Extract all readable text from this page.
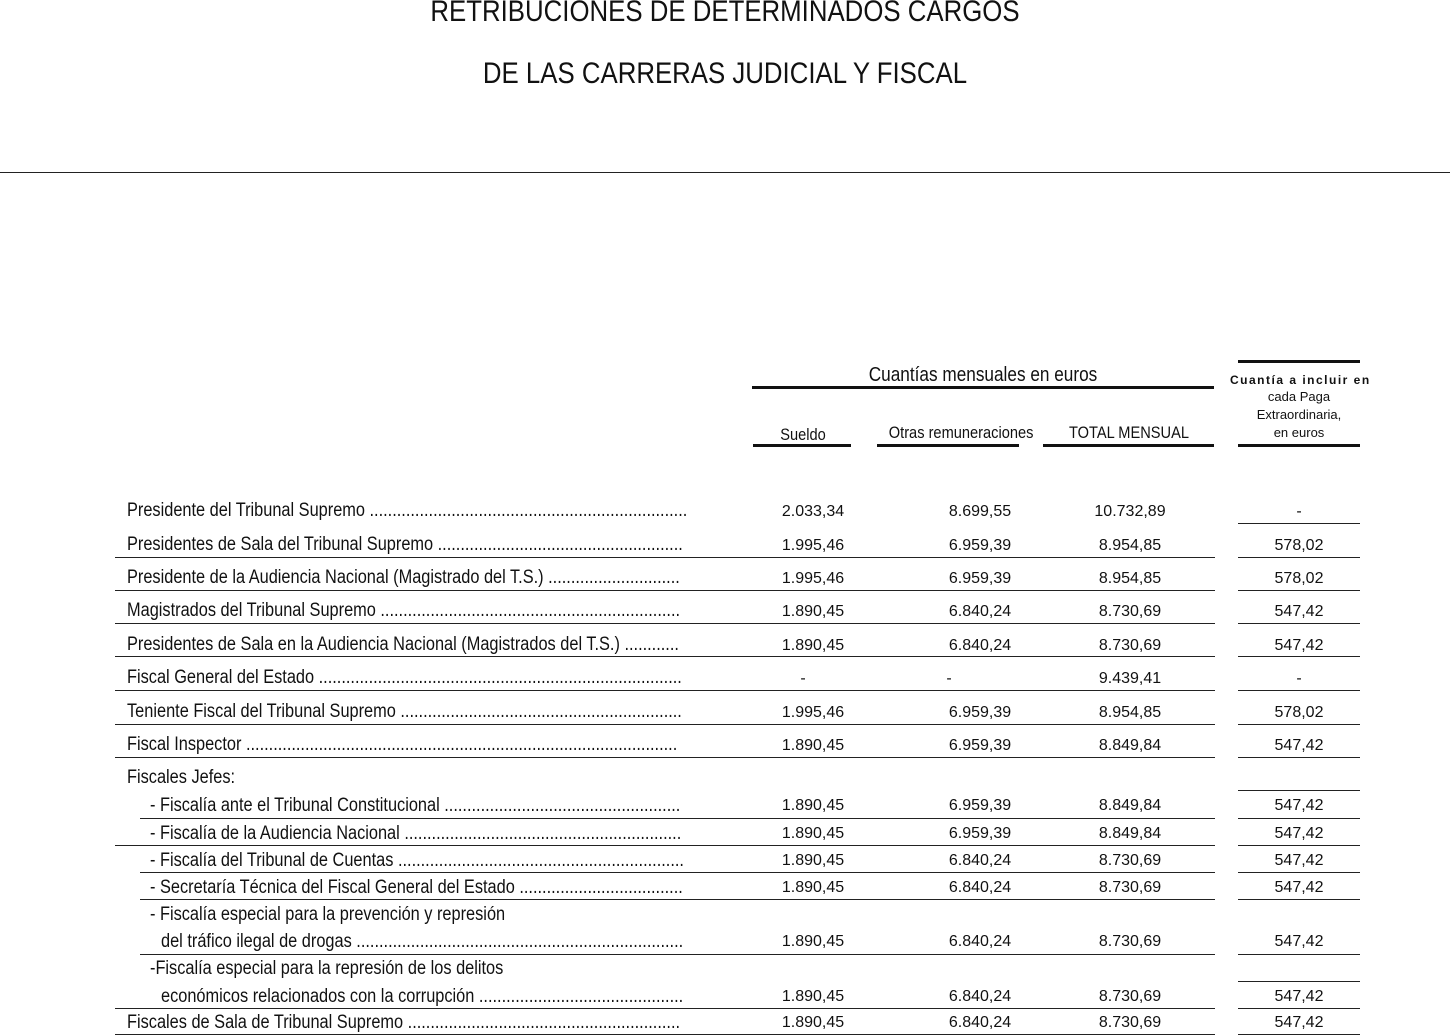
RETRIBUCIONES DE DETERMINADOS CARGOS
DE LAS CARRERAS JUDICIAL Y FISCAL
Cuantías mensuales en euros
Sueldo	Otras remuneraciones	TOTAL MENSUAL
Cuantía a incluir en
cada Paga
Extraordinaria,
en euros
Presidente del Tribunal Supremo ......................................................................	2.033,34	8.699,55	10.732,89	-
Presidentes de Sala del Tribunal Supremo ......................................................	1.995,46	6.959,39	8.954,85	578,02
Presidente de la Audiencia Nacional (Magistrado del T.S.) .............................	1.995,46	6.959,39	8.954,85	578,02
Magistrados del Tribunal Supremo ..................................................................	1.890,45	6.840,24	8.730,69	547,42
Presidentes de Sala en la Audiencia Nacional (Magistrados del T.S.) ............	1.890,45	6.840,24	8.730,69	547,42
Fiscal General del Estado ................................................................................	-	-	9.439,41	-
Teniente Fiscal del Tribunal Supremo ..............................................................	1.995,46	6.959,39	8.954,85	578,02
Fiscal Inspector ...............................................................................................	1.890,45	6.959,39	8.849,84	547,42
Fiscales Jefes:
- Fiscalía ante el Tribunal Constitucional ....................................................	1.890,45	6.959,39	8.849,84	547,42
- Fiscalía de la Audiencia Nacional .............................................................	1.890,45	6.959,39	8.849,84	547,42
- Fiscalía del Tribunal de Cuentas ...............................................................	1.890,45	6.840,24	8.730,69	547,42
- Secretaría Técnica del Fiscal General del Estado ....................................	1.890,45	6.840,24	8.730,69	547,42
- Fiscalía especial para la prevención y represión
del tráfico ilegal de drogas ........................................................................	1.890,45	6.840,24	8.730,69	547,42
-Fiscalía especial para la represión de los delitos
económicos relacionados con la corrupción .............................................	1.890,45	6.840,24	8.730,69	547,42
Fiscales de Sala de Tribunal Supremo ............................................................	1.890,45	6.840,24	8.730,69	547,42
